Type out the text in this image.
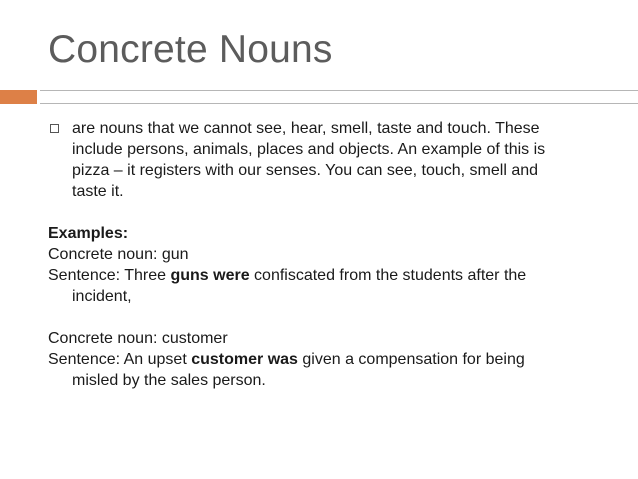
Concrete Nouns
are nouns that we cannot see, hear, smell, taste and touch. These
include persons, animals, places and objects. An example of this is
pizza – it registers with our senses. You can see, touch, smell and
taste it.
Examples:
Concrete noun: gun
Sentence: Three guns were confiscated from the students after the
incident,
Concrete noun: customer
Sentence: An upset customer was given a compensation for being
misled by the sales person.
